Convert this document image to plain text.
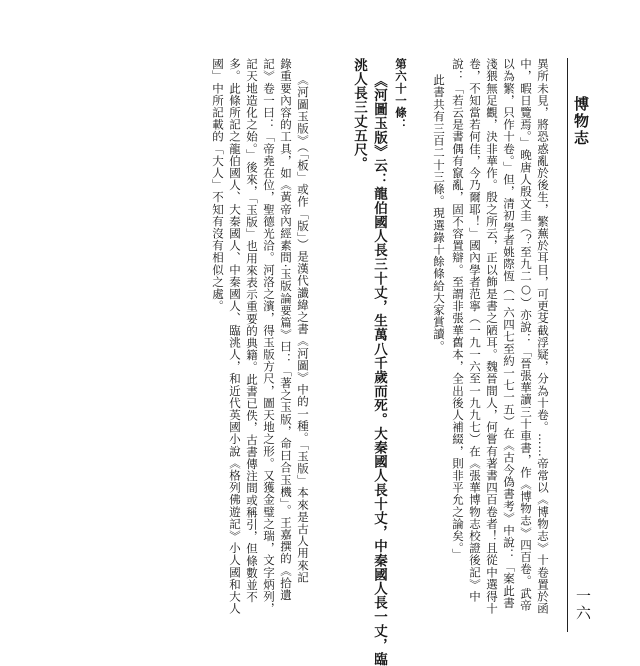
博物志
異所未見，將恐惑亂於後生，繁蕪於耳目，可更芟截浮疑，分為十卷。……帝常以《博物志》十卷置於函
中，暇日覽焉。」晚唐人殷文圭（？至九二○）亦說：「晉張華讀三十車書，作《博物志》四百卷。武帝
以為繁，只作十卷。」但，清初學者姚際恆（一六四七至約一七一五）在《古今偽書考》中說：「案此書
淺猥無足觀，決非華作。殷之所云，正以飾是書之陋耳。魏晉間人，何嘗有著書四百卷者！且從中選得十
卷，不知當若何佳，今乃爾耶！」國內學者范寧（一九一六至一九九七）在《張華博物志校證後記》中
說：「若云是書偶有竄亂，固不容置辯。至謂非張華舊本，全出後人補綴，則非平允之論矣。」
此書共有三百二十三條。現選錄十餘條給大家賞讀。
第六十一條：
《河圖玉版》云：龍伯國人長三十丈，生萬八千歲而死。大秦國人長十丈，中秦國人長一丈，臨
洮人長三丈五尺。
《河圖玉版》（「板」或作「版」）是漢代讖緯之書《河圖》中的一種。「玉版」本來是古人用來記
錄重要內容的工具，如《黃帝內經素問·玉版論要篇》曰：「著之玉版，命曰合玉機」。王嘉撰的《拾遺
記》卷一曰：「帝堯在位，聖德光洽。河洛之濱，得玉版方尺，圖天地之形。又獲金璧之瑞，文字炳列，
記天地造化之始。」後來，「玉版」也用來表示重要的典籍。此書已佚，古書傳注間或稱引，但條數並不
多。此條所記之龍伯國人、大秦國人、中秦國人、臨洮人，和近代英國小說《格列佛遊記》小人國和大人
國」中所記載的「大人」不知有沒有相似之處。
一六
